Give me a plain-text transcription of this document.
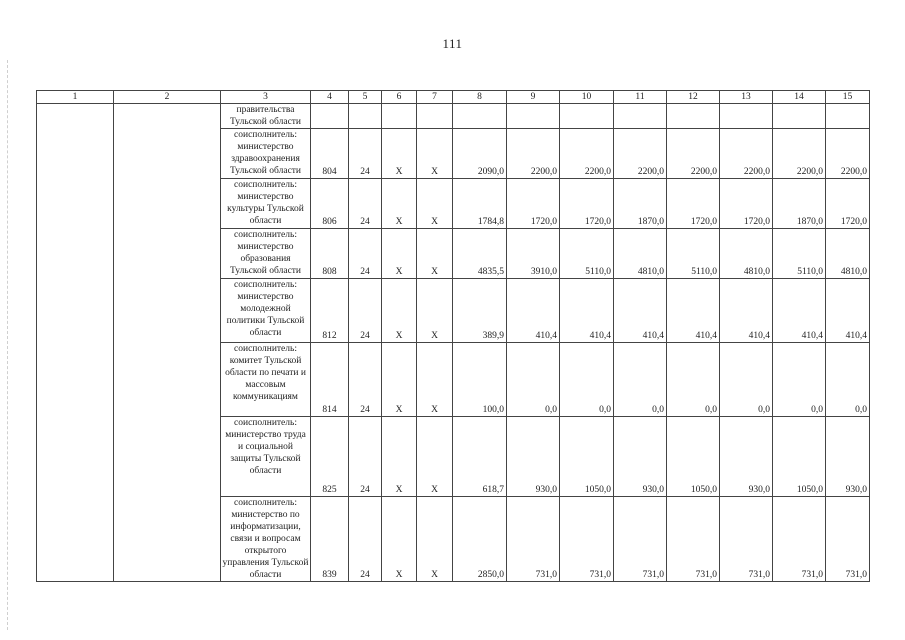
111
1	2	3	4	5	6	7	8	9	10	11	12	13	14	15
		правительства Тульской области												
		соисполнитель: министерство здравоохранения Тульской области	804	24	Х	Х	2090,0	2200,0	2200,0	2200,0	2200,0	2200,0	2200,0	2200,0
		соисполнитель: министерство культуры Тульской области	806	24	Х	Х	1784,8	1720,0	1720,0	1870,0	1720,0	1720,0	1870,0	1720,0
		соисполнитель: министерство образования Тульской области	808	24	Х	Х	4835,5	3910,0	5110,0	4810,0	5110,0	4810,0	5110,0	4810,0
		соисполнитель: министерство молодежной политики Тульской области	812	24	Х	Х	389,9	410,4	410,4	410,4	410,4	410,4	410,4	410,4
		соисполнитель: комитет Тульской области по печати и массовым коммуникациям	814	24	Х	Х	100,0	0,0	0,0	0,0	0,0	0,0	0,0	0,0
		соисполнитель: министерство труда и социальной защиты Тульской области	825	24	Х	Х	618,7	930,0	1050,0	930,0	1050,0	930,0	1050,0	930,0
		соисполнитель: министерство по информатизации, связи и вопросам открытого управления Тульской области	839	24	Х	Х	2850,0	731,0	731,0	731,0	731,0	731,0	731,0	731,0
